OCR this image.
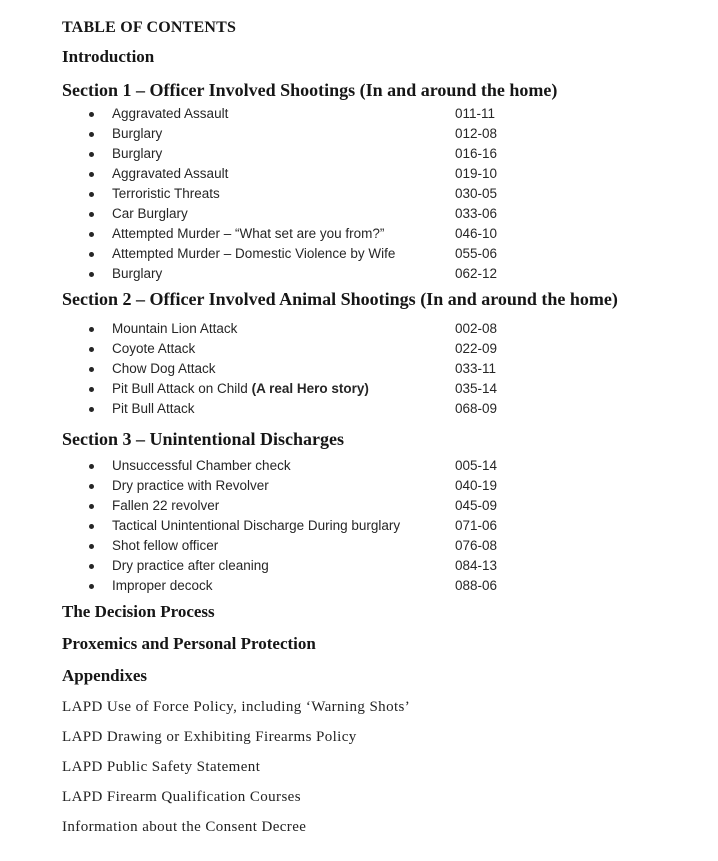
TABLE OF CONTENTS
Introduction
Section 1 – Officer Involved Shootings (In and around the home)
Aggravated Assault	011-11
Burglary	012-08
Burglary	016-16
Aggravated Assault	019-10
Terroristic Threats	030-05
Car Burglary	033-06
Attempted Murder – “What set are you from?”	046-10
Attempted Murder – Domestic Violence by Wife	055-06
Burglary	062-12
Section 2 – Officer Involved Animal Shootings (In and around the home)
Mountain Lion Attack	002-08
Coyote Attack	022-09
Chow Dog Attack	033-11
Pit Bull Attack on Child (A real Hero story)	035-14
Pit Bull Attack	068-09
Section 3 – Unintentional Discharges
Unsuccessful Chamber check	005-14
Dry practice with Revolver	040-19
Fallen 22 revolver	045-09
Tactical Unintentional Discharge During burglary	071-06
Shot fellow officer	076-08
Dry practice after cleaning	084-13
Improper decock	088-06
The Decision Process
Proxemics and Personal Protection
Appendixes

LAPD Use of Force Policy, including ‘Warning Shots’

LAPD Drawing or Exhibiting Firearms Policy

LAPD Public Safety Statement

LAPD Firearm Qualification Courses

Information about the Consent Decree
